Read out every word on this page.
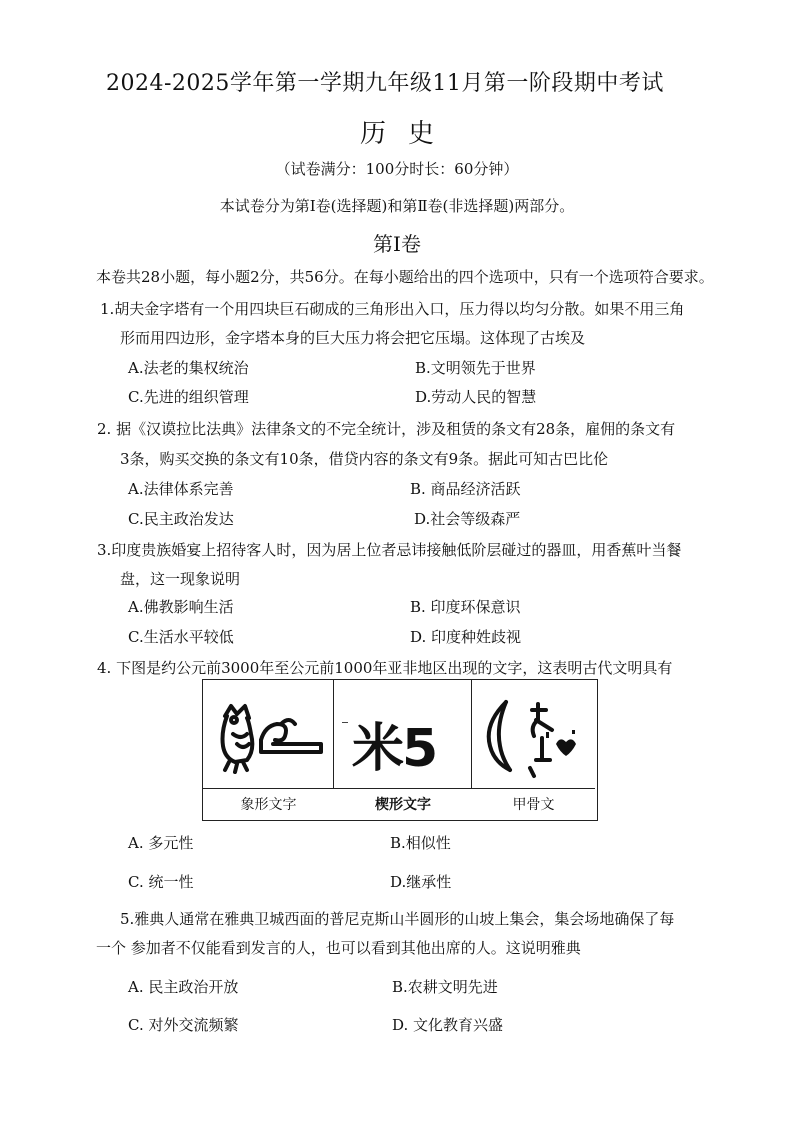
2024-2025学年第一学期九年级11月第一阶段期中考试
历史
（试卷满分：100分时长：60分钟）
本试卷分为第Ⅰ卷(选择题)和第Ⅱ卷(非选择题)两部分。
第Ⅰ卷
本卷共28小题，每小题2分，共56分。在每小题给出的四个选项中，只有一个选项符合要求。
1.胡夫金字塔有一个用四块巨石砌成的三角形出入口，压力得以均匀分散。如果不用三角
形而用四边形，金字塔本身的巨大压力将会把它压塌。这体现了古埃及
A.法老的集权统治	B.文明领先于世界
C.先进的组织管理	D.劳动人民的智慧
2. 据《汉谟拉比法典》法律条文的不完全统计，涉及租赁的条文有28条，雇佣的条文有
3条，购买交换的条文有10条，借贷内容的条文有9条。据此可知古巴比伦
A.法律体系完善	B. 商品经济活跃
C.民主政治发达	D.社会等级森严
3.印度贵族婚宴上招待客人时，因为居上位者忌讳接触低阶层碰过的器皿，用香蕉叶当餐
盘，这一现象说明
A.佛教影响生活	B. 印度环保意识
C.生活水平较低	D. 印度种姓歧视
4. 下图是约公元前3000年至公元前1000年亚非地区出现的文字，这表明古代文明具有
米5
象形文字	楔形文字	甲骨文
A. 多元性	B.相似性
C. 统一性	D.继承性
5.雅典人通常在雅典卫城西面的普尼克斯山半圆形的山坡上集会，集会场地确保了每
一个 参加者不仅能看到发言的人，也可以看到其他出席的人。这说明雅典
A. 民主政治开放	B.农耕文明先进
C. 对外交流频繁	D. 文化教育兴盛
